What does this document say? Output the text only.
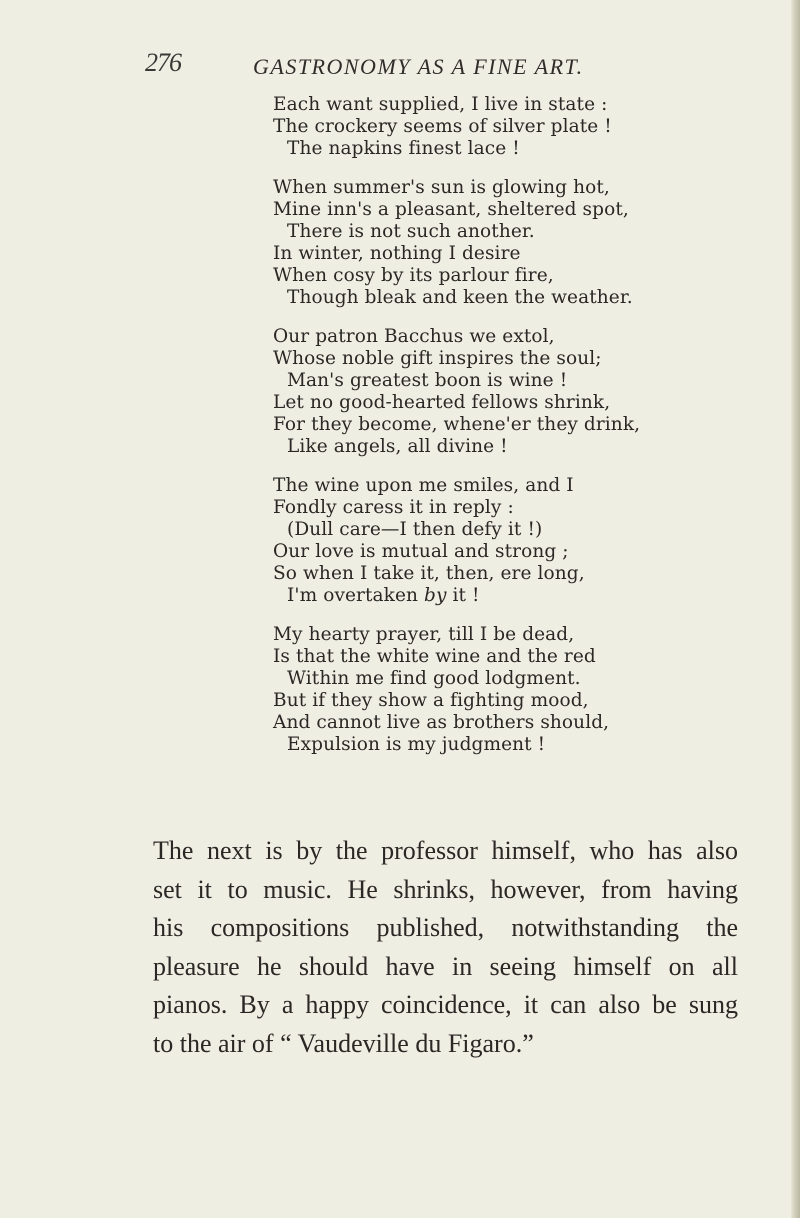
276	GASTRONOMY AS A FINE ART.
Each want supplied, I live in state :
The crockery seems of silver plate !
The napkins finest lace !
When summer's sun is glowing hot,
Mine inn's a pleasant, sheltered spot,
There is not such another.
In winter, nothing I desire
When cosy by its parlour fire,
Though bleak and keen the weather.
Our patron Bacchus we extol,
Whose noble gift inspires the soul;
Man's greatest boon is wine !
Let no good-hearted fellows shrink,
For they become, whene'er they drink,
Like angels, all divine !
The wine upon me smiles, and I
Fondly caress it in reply :
(Dull care—I then defy it !)
Our love is mutual and strong ;
So when I take it, then, ere long,
I'm overtaken by it !
My hearty prayer, till I be dead,
Is that the white wine and the red
Within me find good lodgment.
But if they show a fighting mood,
And cannot live as brothers should,
Expulsion is my judgment !
The next is by the professor himself, who has also
set it to music. He shrinks, however, from having
his compositions published, notwithstanding the
pleasure he should have in seeing himself on all
pianos. By a happy coincidence, it can also be sung
to the air of “ Vaudeville du Figaro.”
